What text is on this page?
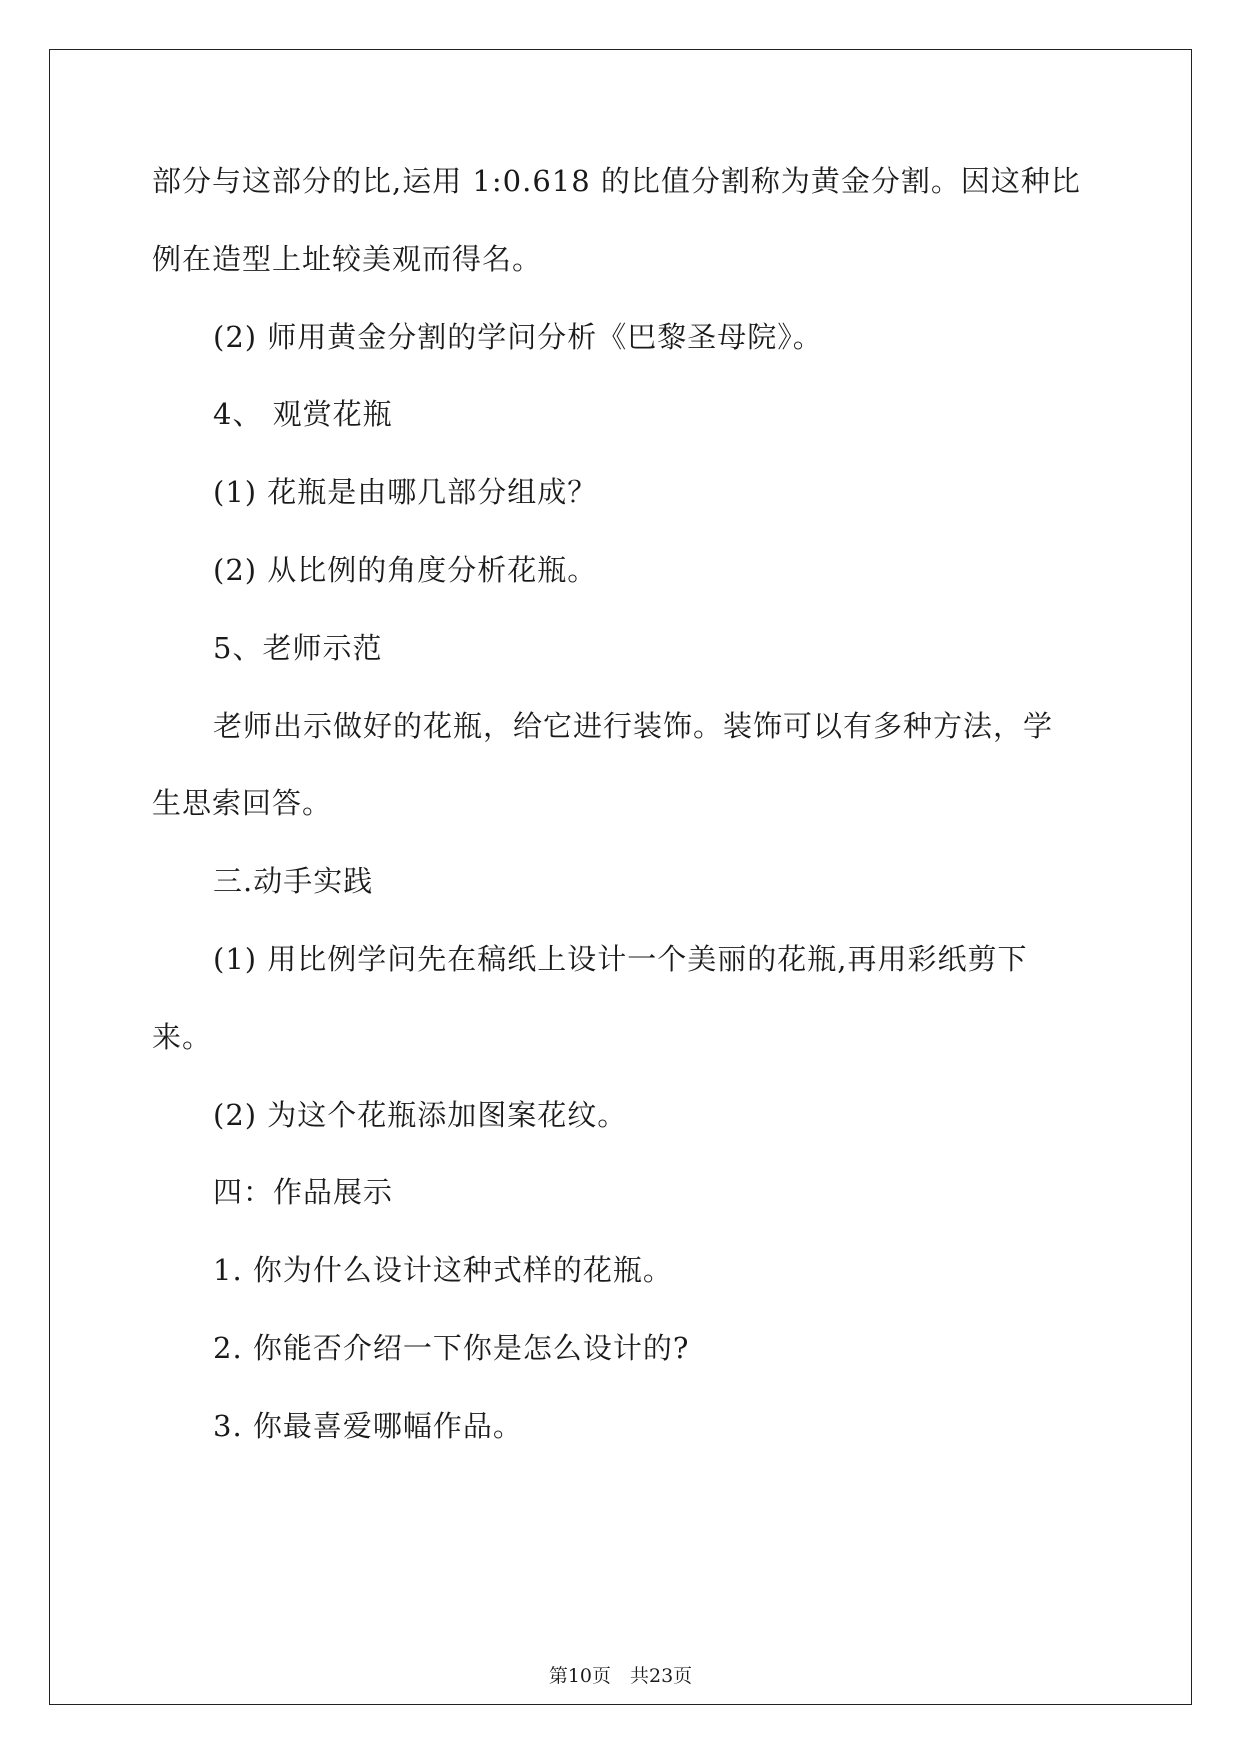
部分与这部分的比,运用 1:0.618 的比值分割称为黄金分割。因这种比
例在造型上址较美观而得名。
(2) 师用黄金分割的学问分析《巴黎圣母院》。
4、 观赏花瓶
(1) 花瓶是由哪几部分组成？
(2) 从比例的角度分析花瓶。
5、老师示范
老师出示做好的花瓶，给它进行装饰。装饰可以有多种方法，学
生思索回答。
三.动手实践
(1) 用比例学问先在稿纸上设计一个美丽的花瓶,再用彩纸剪下
来。
(2) 为这个花瓶添加图案花纹。
四：作品展示
1. 你为什么设计这种式样的花瓶。
2. 你能否介绍一下你是怎么设计的?
3. 你最喜爱哪幅作品。
第10页　共23页
